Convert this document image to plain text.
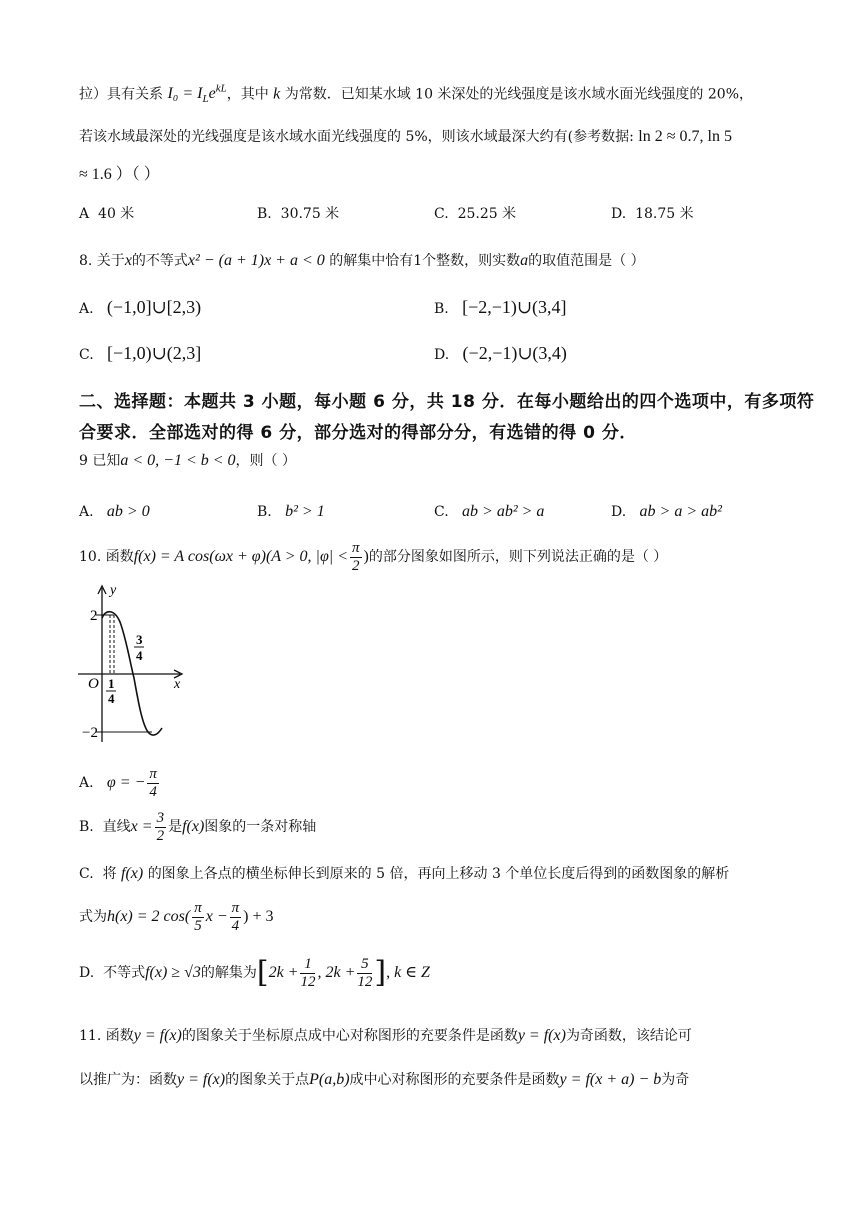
拉）具有关系 $I_0 = I_Le^{kL}$，其中 k 为常数．已知某水域 10 米深处的光线强度是该水域水面光线强度的 20%，
若该水域最深处的光线强度是该水域水面光线强度的 5%，则该水域最深大约有(参考数据: ln 2 ≈ 0.7, ln 5
≈ 1.6 ）（ ）
A 40 米	B. 30.75 米	C. 25.25 米	D. 18.75 米
8. 关于x的不等式x² − (a + 1)x + a < 0 的解集中恰有1个整数，则实数a的取值范围是（ ）
A. (−1,0]∪[2,3)	B. [−2,−1)∪(3,4]
C. [−1,0)∪(2,3]	D. (−2,−1)∪(3,4)
二、选择题：本题共 3 小题，每小题 6 分，共 18 分．在每小题给出的四个选项中，有多项符
合要求．全部选对的得 6 分，部分选对的得部分分，有选错的得 0 分．
9 已知a < 0, −1 < b < 0，则（ ）
A. ab > 0	B. b² > 1	C. ab > ab² > a	D. ab > a > ab²
10. 函数f(x) = A cos(ωx + φ)(A > 0, $|\varphi| < \frac{\pi}{2}$ )的部分图象如图所示，则下列说法正确的是（ ）
y
x
O
2
−2
1
4
3
4
A. φ = − $\frac{\pi}{4}$
B. 直线$x = \frac{3}{2}$ 是f(x)图象的一条对称轴
C. 将 f(x) 的图象上各点的横坐标伸长到原来的 5 倍，再向上移动 3 个单位长度后得到的函数图象的解析
式为h(x) = 2 $\cos( \frac{\pi}{5}$ $x - \frac{\pi}{4}$ ) + 3
D. 不等式f(x) ≥ √3的解集为[$2k + \frac{1}{12}$ , $2k + \frac{5}{12}$ ], k ∈ Z
11. 函数y = f(x)的图象关于坐标原点成中心对称图形的充要条件是函数y = f(x)为奇函数，该结论可
以推广为：函数y = f(x)的图象关于点P(a,b)成中心对称图形的充要条件是函数y = f(x + a) − b为奇
